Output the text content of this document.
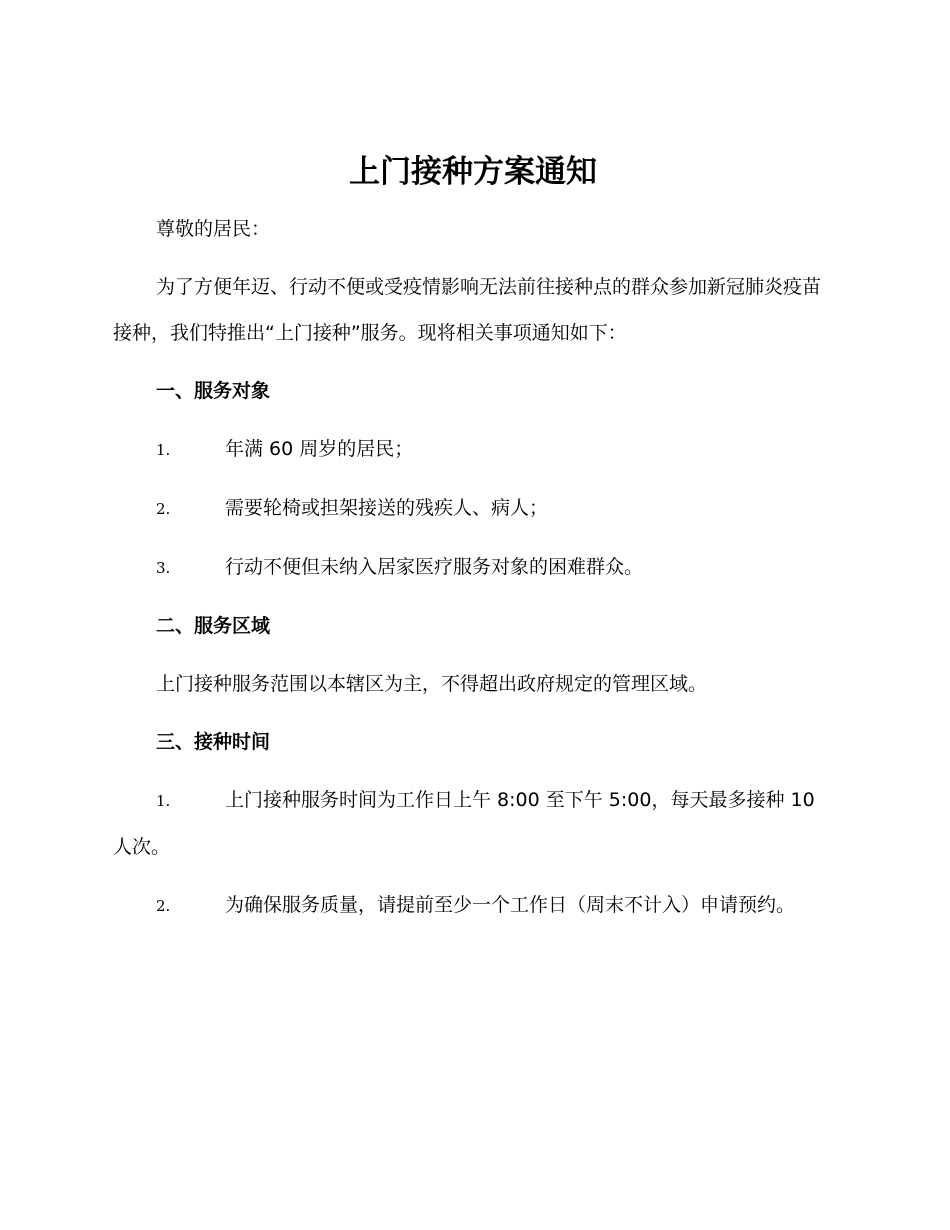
上门接种方案通知
尊敬的居民：
为了方便年迈、行动不便或受疫情影响无法前往接种点的群众参加新冠肺炎疫苗接种，我们特推出“上门接种”服务。现将相关事项通知如下：
一、服务对象
1.	年满 60 周岁的居民；
2.	需要轮椅或担架接送的残疾人、病人；
3.	行动不便但未纳入居家医疗服务对象的困难群众。
二、服务区域
上门接种服务范围以本辖区为主，不得超出政府规定的管理区域。
三、接种时间
1.	上门接种服务时间为工作日上午 8:00 至下午 5:00，每天最多接种 10 人次。
2.	为确保服务质量，请提前至少一个工作日（周末不计入）申请预约。
